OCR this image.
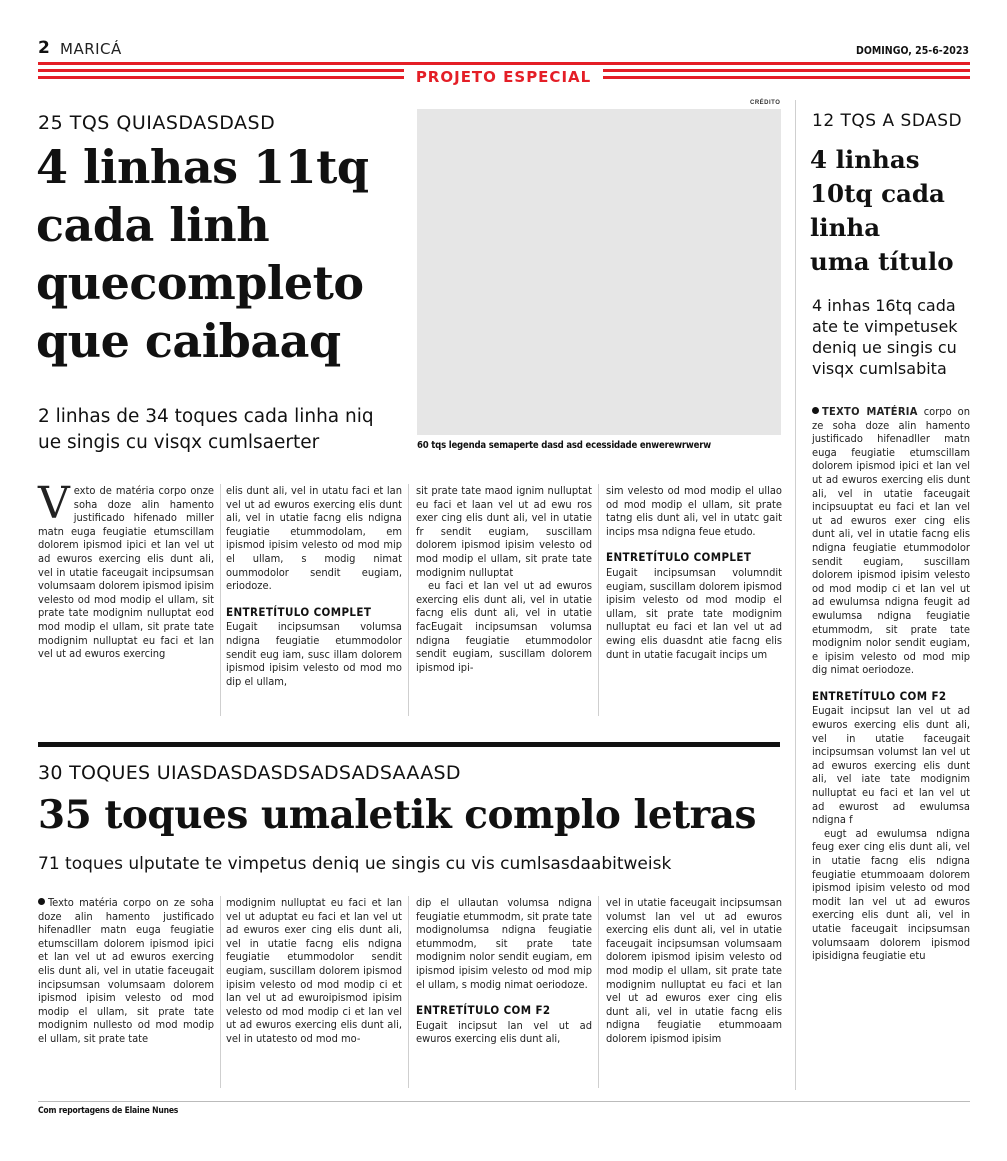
2 MARICÁ	DOMINGO, 25-6-2023
PROJETO ESPECIAL
25 TQS QUIASDASDASD
4 linhas 11tq
cada linh
quecompleto
que caibaaq
2 linhas de 34 toques cada linha niq
ue singis cu visqx cumlsaerter
CRÉDITO
60 tqs legenda semaperte dasd asd ecessidade enwerewrwerw
Vexto de matéria corpo onze soha doze alin hamento justificado hifenado miller matn euga feugiatie etumscillam dolorem ipismod ipici et lan vel ut ad ewuros exercing elis dunt ali, vel in utatie faceugait incipsumsan volumsaam dolorem ipismod ipisim velesto od mod modip el ullam, sit prate tate modignim nulluptat eod mod modip el ullam, sit prate tate modignim nulluptat eu faci et lan vel ut ad ewuros exercing

elis dunt ali, vel in utatu faci et lan vel ut ad ewuros exercing elis dunt ali, vel in utatie facng elis ndigna feugiatie etummodolam, em ipismod ipisim velesto od mod mip el ullam, s modig nimat oummodolor sendit eugiam, eriodoze.

ENTRETÍTULO COMPLET

Eugait incipsumsan volumsa ndigna feugiatie etummodolor sendit eug iam, susc illam dolorem ipismod ipisim velesto od mod mo dip el ullam,

sit prate tate maod ignim nulluptat eu faci et laan vel ut ad ewu ros exer cing elis dunt ali, vel in utatie fr sendit eugiam, suscillam dolorem ipismod ipisim velesto od mod modip el ullam, sit prate tate modignim nulluptat

eu faci et lan vel ut ad ewuros exercing elis dunt ali, vel in utatie facng elis dunt ali, vel in utatie facEugait incipsumsan volumsa ndigna feugiatie etummodolor sendit eugiam, suscillam dolorem ipismod ipi-

sim velesto od mod modip el ullao od mod modip el ullam, sit prate tatng elis dunt ali, vel in utatc gait incips msa ndigna feue etudo.

ENTRETÍTULO COMPLET

Eugait incipsumsan volumndit eugiam, suscillam dolorem ipismod ipisim velesto od mod modip el ullam, sit prate tate modignim nulluptat eu faci et lan vel ut ad ewing elis duasdnt atie facng elis dunt in utatie facugait incips um

30 TOQUES UIASDASDASDSADSADSAAASD
35 toques umaletik complo letras
71 toques ulputate te vimpetus deniq ue singis cu vis cumlsasdaabitweisk
Texto matéria corpo on ze soha doze alin hamento justificado hifenadller matn euga feugiatie etumscillam dolorem ipismod ipici et lan vel ut ad ewuros exercing elis dunt ali, vel in utatie faceugait incipsumsan volumsaam dolorem ipismod ipisim velesto od mod modip el ullam, sit prate tate modignim nullesto od mod modip el ullam, sit prate tate

modignim nulluptat eu faci et lan vel ut aduptat eu faci et lan vel ut ad ewuros exer cing elis dunt ali, vel in utatie facng elis ndigna feugiatie etummodolor sendit eugiam, suscillam dolorem ipismod ipisim velesto od mod modip ci et lan vel ut ad ewuroipismod ipisim velesto od mod modip ci et lan vel ut ad ewuros exercing elis dunt ali, vel in utatesto od mod mo-

dip el ullautan volumsa ndigna feugiatie etummodm, sit prate tate modignolumsa ndigna feugiatie etummodm, sit prate tate modignim nolor sendit eugiam, em ipismod ipisim velesto od mod mip el ullam, s modig nimat oeriodoze.

ENTRETÍTULO COM F2

Eugait incipsut lan vel ut ad ewuros exercing elis dunt ali,

vel in utatie faceugait incipsumsan volumst lan vel ut ad ewuros exercing elis dunt ali, vel in utatie faceugait incipsumsan volumsaam dolorem ipismod ipisim velesto od mod modip el ullam, sit prate tate modignim nulluptat eu faci et lan vel ut ad ewuros exer cing elis dunt ali, vel in utatie facng elis ndigna feugiatie etummoaam dolorem ipismod ipisim

12 TQS A SDASD
4 linhas
10tq cada
linha
uma título
4 inhas 16tq cada
ate te vimpetusek
deniq ue singis cu
visqx cumlsabita

TEXTO MATÉRIA corpo on ze soha doze alin hamento justificado hifenadller matn euga feugiatie etumscillam dolorem ipismod ipici et lan vel ut ad ewuros exercing elis dunt ali, vel in utatie faceugait incipsuuptat eu faci et lan vel ut ad ewuros exer cing elis dunt ali, vel in utatie facng elis ndigna feugiatie etummodolor sendit eugiam, suscillam dolorem ipismod ipisim velesto od mod modip ci et lan vel ut ad ewulumsa ndigna feugit ad ewulumsa ndigna feugiatie etummodm, sit prate tate modignim nolor sendit eugiam, e ipisim velesto od mod mip dig nimat oeriodoze.

ENTRETÍTULO COM F2

Eugait incipsut lan vel ut ad ewuros exercing elis dunt ali, vel in utatie faceugait incipsumsan volumst lan vel ut ad ewuros exercing elis dunt ali, vel iate tate modignim nulluptat eu faci et lan vel ut ad ewurost ad ewulumsa ndigna f

eugt ad ewulumsa ndigna feug exer cing elis dunt ali, vel in utatie facng elis ndigna feugiatie etummoaam dolorem ipismod ipisim velesto od mod modit lan vel ut ad ewuros exercing elis dunt ali, vel in utatie faceugait incipsumsan volumsaam dolorem ipismod ipisidigna feugiatie etu

Com reportagens de Elaine Nunes
